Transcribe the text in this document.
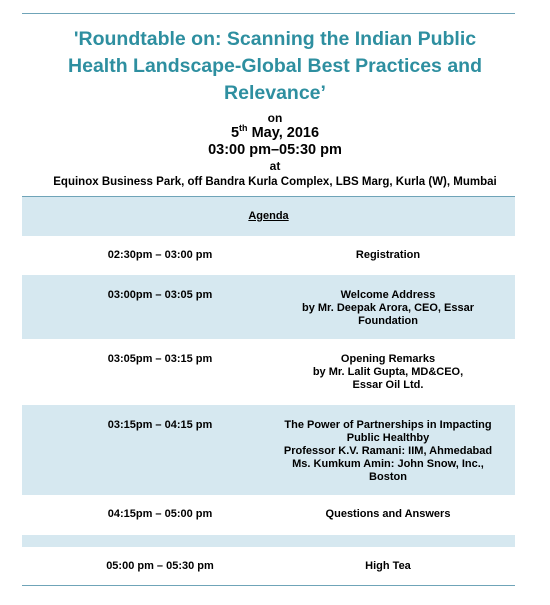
'Roundtable on: Scanning the Indian Public
Health Landscape-Global Best Practices and
Relevance’
on
5th May, 2016
03:00 pm–05:30 pm
at
Equinox Business Park, off Bandra Kurla Complex, LBS Marg, Kurla (W), Mumbai
Agenda
02:30pm – 03:00 pm	Registration
03:00pm – 03:05 pm	Welcome Address
by Mr. Deepak Arora, CEO, Essar
Foundation
03:05pm – 03:15 pm	Opening Remarks
by Mr. Lalit Gupta, MD&CEO,
Essar Oil Ltd.
03:15pm – 04:15 pm	The Power of Partnerships in Impacting
Public Healthby
Professor K.V. Ramani: IIM, Ahmedabad
Ms. Kumkum Amin: John Snow, Inc.,
Boston
04:15pm – 05:00 pm	Questions and Answers
05:00 pm – 05:30 pm	High Tea
